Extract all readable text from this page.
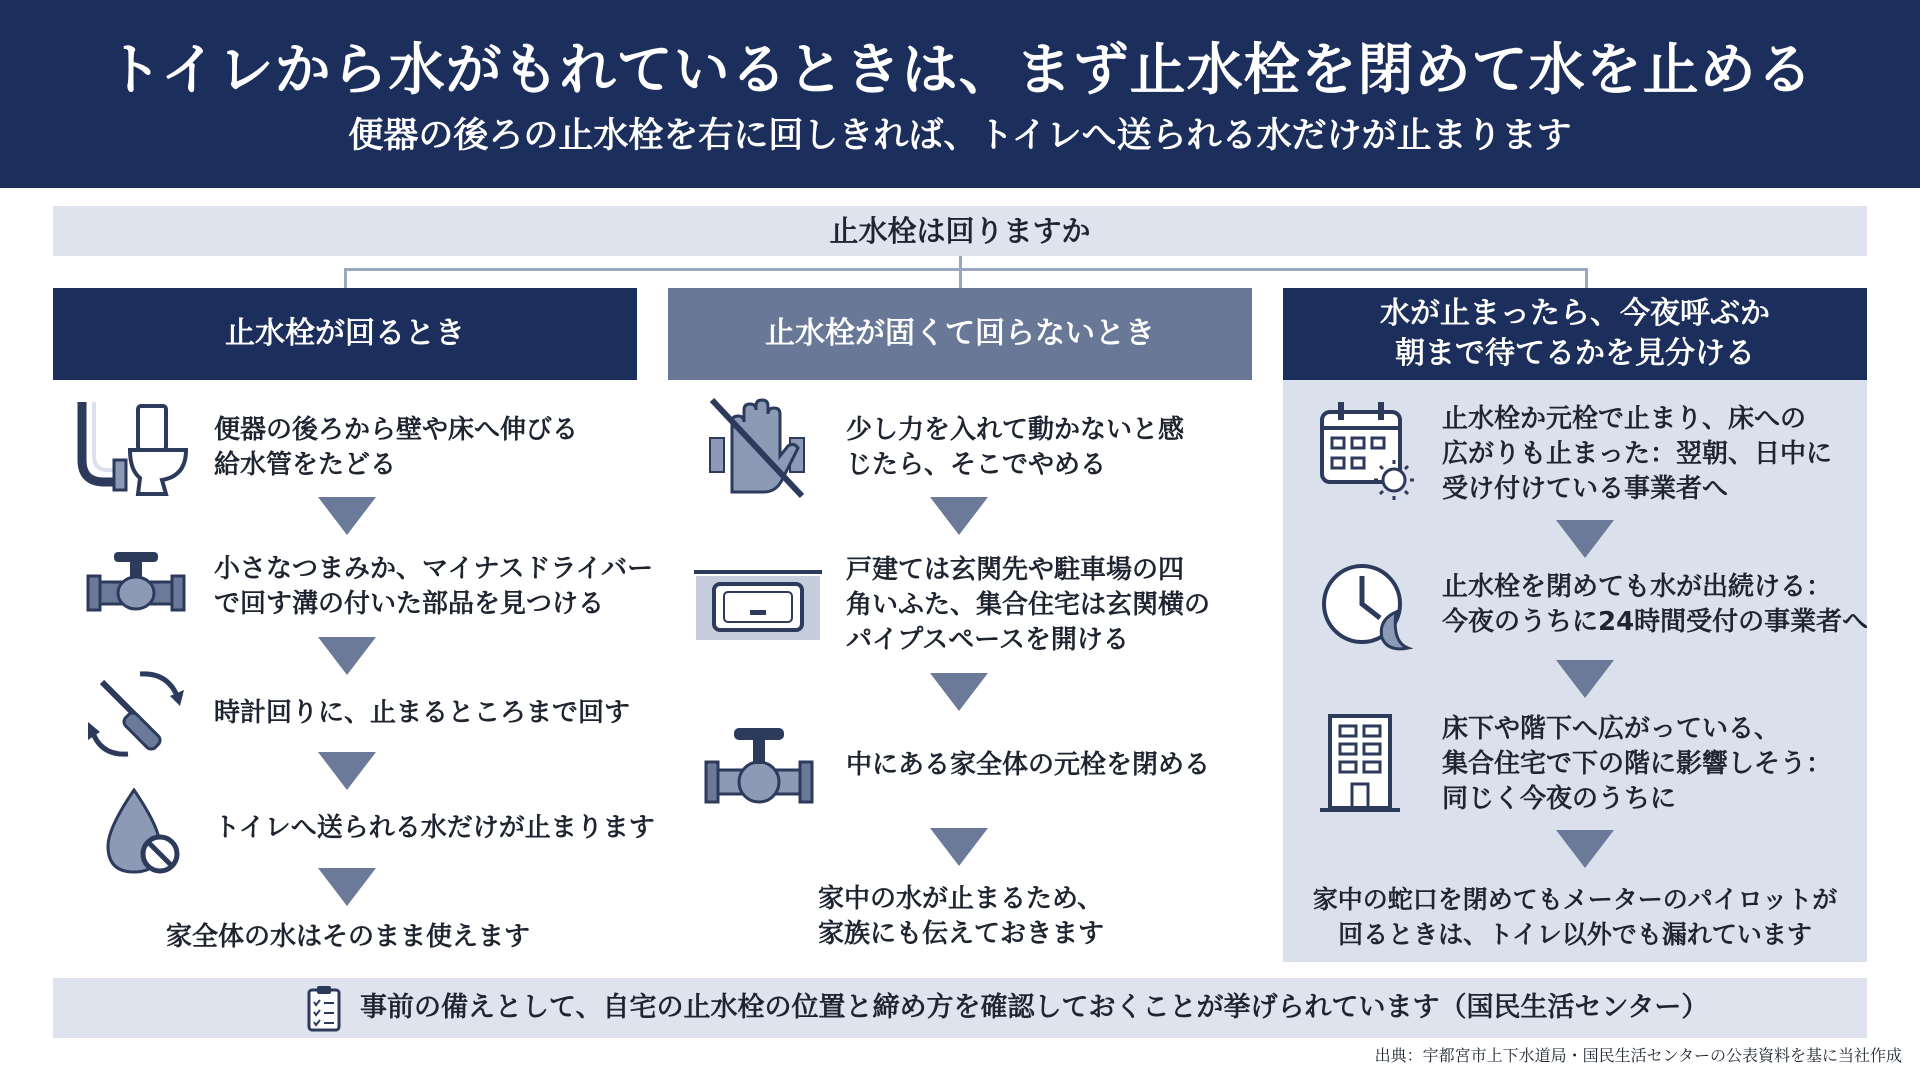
トイレから水がもれているときは、まず止水栓を閉めて水を止める
便器の後ろの止水栓を右に回しきれば、トイレへ送られる水だけが止まります
止水栓は回りますか
止水栓が回るとき	止水栓が固くて回らないとき
水が止まったら、今夜呼ぶか
朝まで待てるかを見分ける
便器の後ろから壁や床へ伸びる
給水管をたどる
小さなつまみか、マイナスドライバー
で回す溝の付いた部品を見つける
時計回りに、止まるところまで回す
トイレへ送られる水だけが止まります
家全体の水はそのまま使えます
少し力を入れて動かないと感
じたら、そこでやめる
戸建ては玄関先や駐車場の四
角いふた、集合住宅は玄関横の
パイプスペースを開ける
中にある家全体の元栓を閉める
家中の水が止まるため、
家族にも伝えておきます
止水栓か元栓で止まり、床への
広がりも止まった：翌朝、日中に
受け付けている事業者へ
止水栓を閉めても水が出続ける：
今夜のうちに24時間受付の事業者へ
床下や階下へ広がっている、
集合住宅で下の階に影響しそう：
同じく今夜のうちに
家中の蛇口を閉めてもメーターのパイロットが
回るときは、トイレ以外でも漏れています
事前の備えとして、自宅の止水栓の位置と締め方を確認しておくことが挙げられています（国民生活センター）
出典：宇都宮市上下水道局・国民生活センターの公表資料を基に当社作成
